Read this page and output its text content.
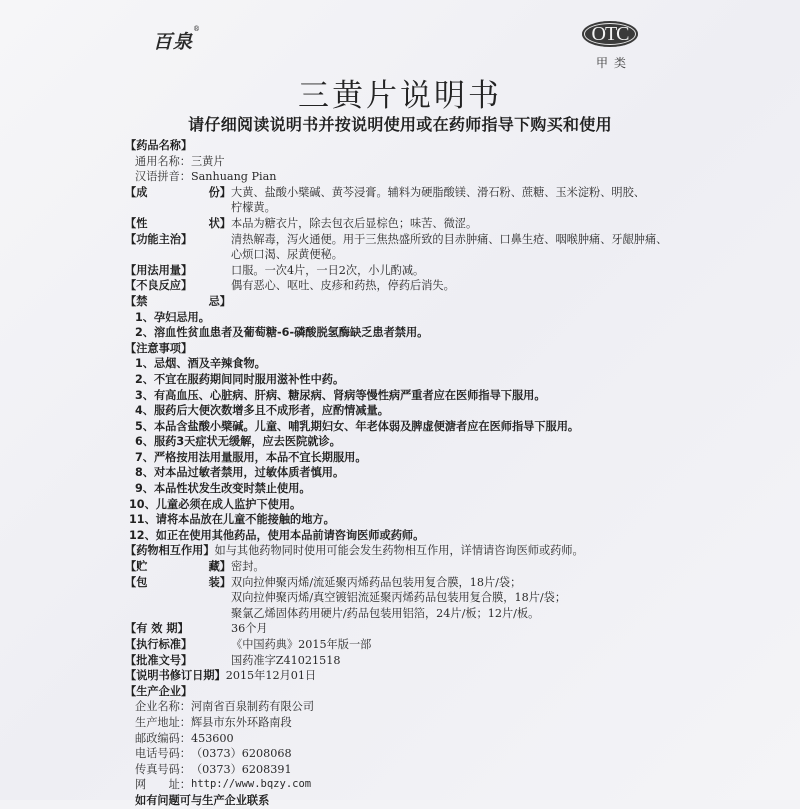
百泉®	OTC
甲类
三黄片说明书
请仔细阅读说明书并按说明使用或在药师指导下购买和使用
【药品名称】
通用名称： 三黄片
汉语拼音： Sanhuang Pian
【成	份】 大黄、盐酸小檗碱、黄芩浸膏。辅料为硬脂酸镁、滑石粉、蔗糖、玉米淀粉、明胶、
柠檬黄。
【性	状】 本品为糖衣片，除去包衣后显棕色；味苦、微涩。
【功能主治】	清热解毒，泻火通便。用于三焦热盛所致的目赤肿痛、口鼻生疮、咽喉肿痛、牙龈肿痛、
心烦口渴、尿黄便秘。
【用法用量】	口服。一次4片，一日2次，小儿酌减。
【不良反应】	偶有恶心、呕吐、皮疹和药热，停药后消失。
【禁	忌】
1、孕妇忌用。
2、溶血性贫血患者及葡萄糖-6-磷酸脱氢酶缺乏患者禁用。
【注意事项】
1、忌烟、酒及辛辣食物。
2、不宜在服药期间同时服用滋补性中药。
3、有高血压、心脏病、肝病、糖尿病、肾病等慢性病严重者应在医师指导下服用。
4、服药后大便次数增多且不成形者，应酌情减量。
5、本品含盐酸小檗碱。儿童、哺乳期妇女、年老体弱及脾虚便溏者应在医师指导下服用。
6、服药3天症状无缓解，应去医院就诊。
7、严格按用法用量服用，本品不宜长期服用。
8、对本品过敏者禁用，过敏体质者慎用。
9、本品性状发生改变时禁止使用。
10、儿童必须在成人监护下使用。
11、请将本品放在儿童不能接触的地方。
12、如正在使用其他药品，使用本品前请咨询医师或药师。
【药物相互作用】 如与其他药物同时使用可能会发生药物相互作用，详情请咨询医师或药师。
【贮	藏】 密封。
【包	装】 双向拉伸聚丙烯/流延聚丙烯药品包装用复合膜，18片/袋；
双向拉伸聚丙烯/真空镀铝流延聚丙烯药品包装用复合膜，18片/袋；
聚氯乙烯固体药用硬片/药品包装用铝箔，24片/板；12片/板。
【有 效 期】	36个月
【执行标准】	《中国药典》2015年版一部
【批准文号】	国药准字Z41021518
【说明书修订日期】 2015年12月01日
【生产企业】
企业名称： 河南省百泉制药有限公司
生产地址： 辉县市东外环路南段
邮政编码： 453600
电话号码： （0373）6208068
传真号码： （0373）6208391
网 址： http://www.bqzy.com
如有问题可与生产企业联系
